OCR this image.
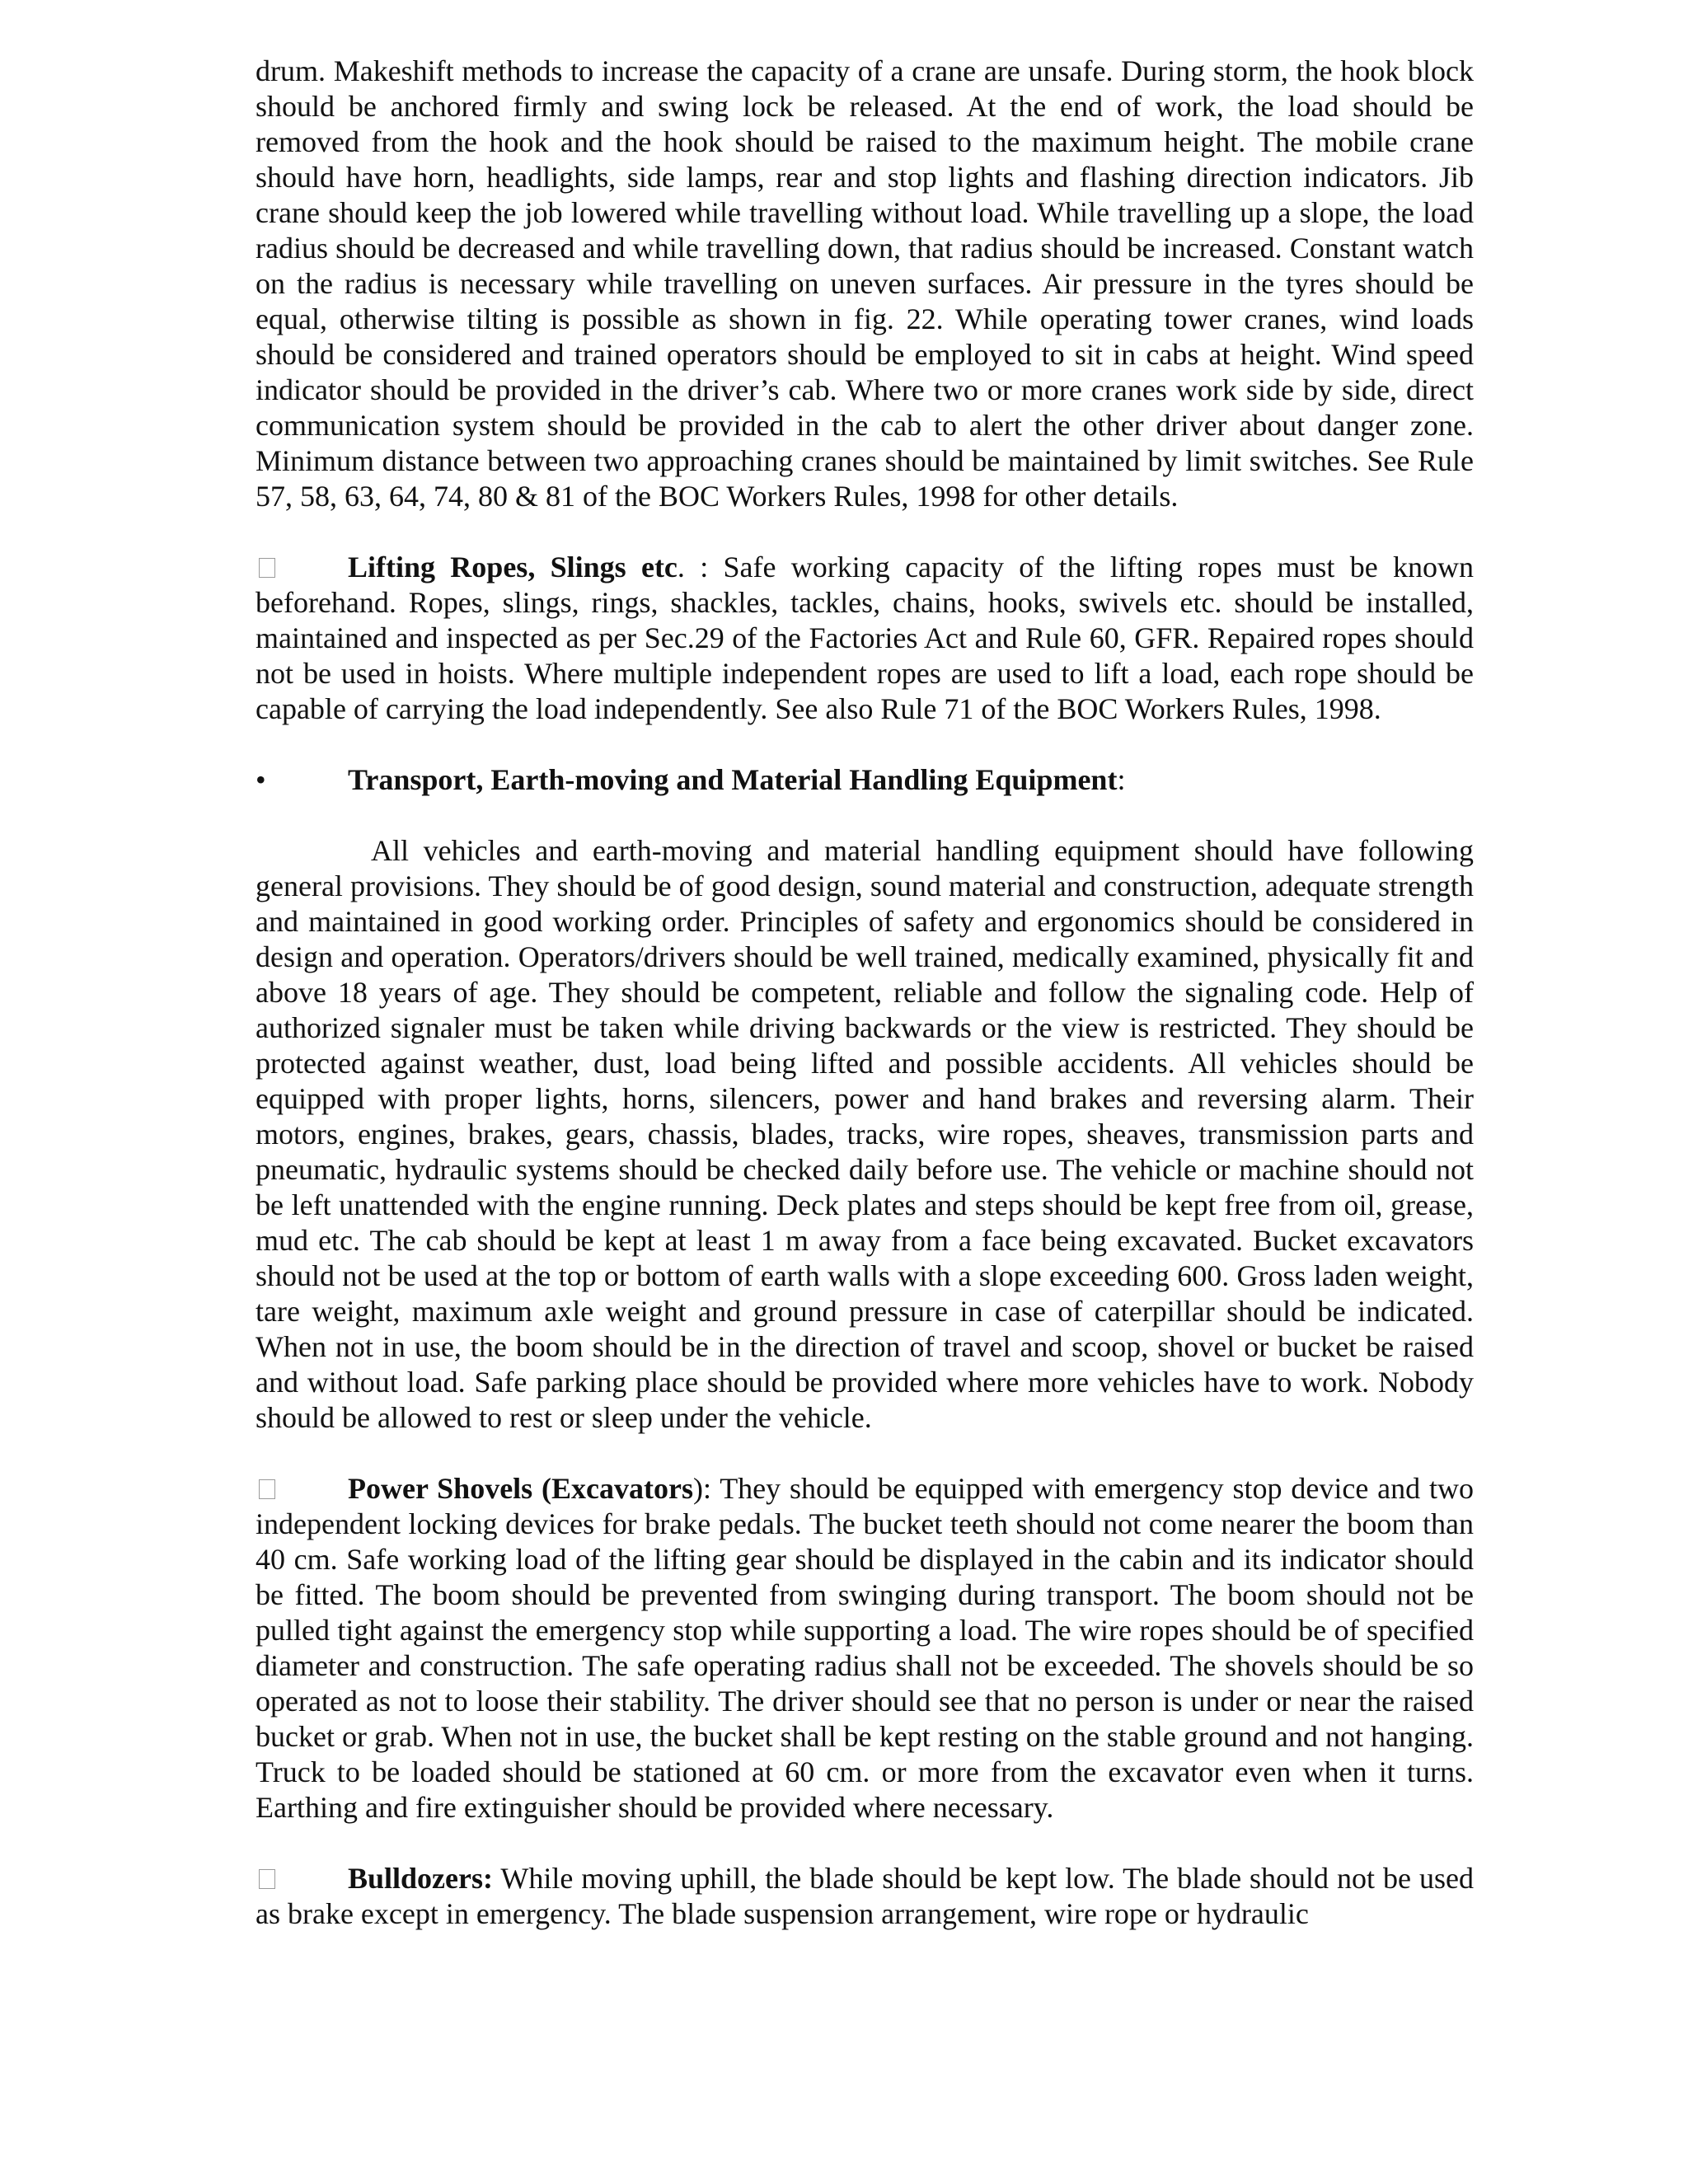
drum. Makeshift methods to increase the capacity of a crane are unsafe. During storm, the hook block should be anchored firmly and swing lock be released. At the end of work, the load should be removed from the hook and the hook should be raised to the maximum height. The mobile crane should have horn, headlights, side lamps, rear and stop lights and flashing direction indicators. Jib crane should keep the job lowered while travelling without load. While travelling up a slope, the load radius should be decreased and while travelling down, that radius should be increased. Constant watch on the radius is necessary while travelling on uneven surfaces. Air pressure in the tyres should be equal, otherwise tilting is possible as shown in fig. 22. While operating tower cranes, wind loads should be considered and trained operators should be employed to sit in cabs at height. Wind speed indicator should be provided in the driver’s cab. Where two or more cranes work side by side, direct communication system should be provided in the cab to alert the other driver about danger zone. Minimum distance between two approaching cranes should be maintained by limit switches. See Rule 57, 58, 63, 64, 74, 80 & 81 of the BOC Workers Rules, 1998 for other details.

Lifting Ropes, Slings etc. : Safe working capacity of the lifting ropes must be known beforehand. Ropes, slings, rings, shackles, tackles, chains, hooks, swivels etc. should be installed, maintained and inspected as per Sec.29 of the Factories Act and Rule 60, GFR. Repaired ropes should not be used in hoists. Where multiple independent ropes are used to lift a load, each rope should be capable of carrying the load independently. See also Rule 71 of the BOC Workers Rules, 1998.

•	Transport, Earth-moving and Material Handling Equipment:

All vehicles and earth-moving and material handling equipment should have following general provisions. They should be of good design, sound material and construction, adequate strength and maintained in good working order. Principles of safety and ergonomics should be considered in design and operation. Operators/drivers should be well trained, medically examined, physically fit and above 18 years of age. They should be competent, reliable and follow the signaling code. Help of authorized signaler must be taken while driving backwards or the view is restricted. They should be protected against weather, dust, load being lifted and possible accidents. All vehicles should be equipped with proper lights, horns, silencers, power and hand brakes and reversing alarm. Their motors, engines, brakes, gears, chassis, blades, tracks, wire ropes, sheaves, transmission parts and pneumatic, hydraulic systems should be checked daily before use. The vehicle or machine should not be left unattended with the engine running. Deck plates and steps should be kept free from oil, grease, mud etc. The cab should be kept at least 1 m away from a face being excavated. Bucket excavators should not be used at the top or bottom of earth walls with a slope exceeding 600. Gross laden weight, tare weight, maximum axle weight and ground pressure in case of caterpillar should be indicated. When not in use, the boom should be in the direction of travel and scoop, shovel or bucket be raised and without load. Safe parking place should be provided where more vehicles have to work. Nobody should be allowed to rest or sleep under the vehicle.

Power Shovels (Excavators): They should be equipped with emergency stop device and two independent locking devices for brake pedals. The bucket teeth should not come nearer the boom than 40 cm. Safe working load of the lifting gear should be displayed in the cabin and its indicator should be fitted. The boom should be prevented from swinging during transport. The boom should not be pulled tight against the emergency stop while supporting a load. The wire ropes should be of specified diameter and construction. The safe operating radius shall not be exceeded. The shovels should be so operated as not to loose their stability. The driver should see that no person is under or near the raised bucket or grab. When not in use, the bucket shall be kept resting on the stable ground and not hanging. Truck to be loaded should be stationed at 60 cm. or more from the excavator even when it turns. Earthing and fire extinguisher should be provided where necessary.

Bulldozers: While moving uphill, the blade should be kept low. The blade should not be used as brake except in emergency. The blade suspension arrangement, wire rope or hydraulic
